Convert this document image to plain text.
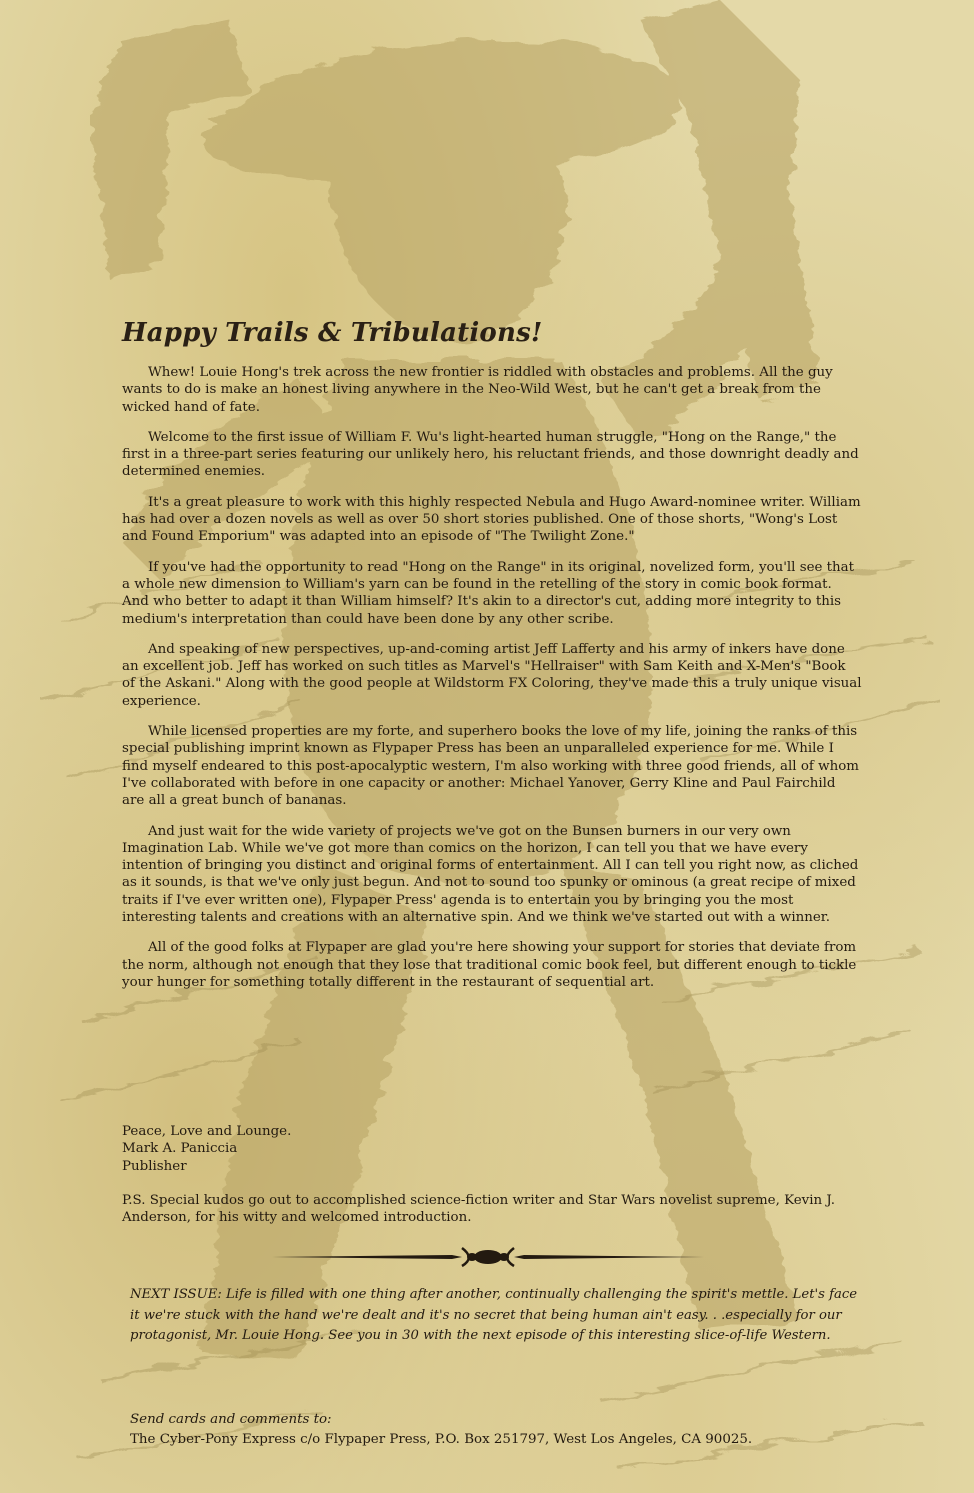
Happy Trails & Tribulations!

Whew! Louie Hong's trek across the new frontier is riddled with obstacles and problems. All the guy wants to do is make an honest living anywhere in the Neo-Wild West, but he can't get a break from the wicked hand of fate.

Welcome to the first issue of William F. Wu's light-hearted human struggle, "Hong on the Range," the first in a three-part series featuring our unlikely hero, his reluctant friends, and those downright deadly and determined enemies.

It's a great pleasure to work with this highly respected Nebula and Hugo Award-nominee writer. William has had over a dozen novels as well as over 50 short stories published. One of those shorts, "Wong's Lost and Found Emporium" was adapted into an episode of "The Twilight Zone."

If you've had the opportunity to read "Hong on the Range" in its original, novelized form, you'll see that a whole new dimension to William's yarn can be found in the retelling of the story in comic book format. And who better to adapt it than William himself? It's akin to a director's cut, adding more integrity to this medium's interpretation than could have been done by any other scribe.

And speaking of new perspectives, up-and-coming artist Jeff Lafferty and his army of inkers have done an excellent job. Jeff has worked on such titles as Marvel's "Hellraiser" with Sam Keith and X-Men's "Book of the Askani." Along with the good people at Wildstorm FX Coloring, they've made this a truly unique visual experience.

While licensed properties are my forte, and superhero books the love of my life, joining the ranks of this special publishing imprint known as Flypaper Press has been an unparalleled experience for me. While I find myself endeared to this post-apocalyptic western, I'm also working with three good friends, all of whom I've collaborated with before in one capacity or another: Michael Yanover, Gerry Kline and Paul Fairchild are all a great bunch of bananas.

And just wait for the wide variety of projects we've got on the Bunsen burners in our very own Imagination Lab. While we've got more than comics on the horizon, I can tell you that we have every intention of bringing you distinct and original forms of entertainment. All I can tell you right now, as cliched as it sounds, is that we've only just begun. And not to sound too spunky or ominous (a great recipe of mixed traits if I've ever written one), Flypaper Press' agenda is to entertain you by bringing you the most interesting talents and creations with an alternative spin. And we think we've started out with a winner.

All of the good folks at Flypaper are glad you're here showing your support for stories that deviate from the norm, although not enough that they lose that traditional comic book feel, but different enough to tickle your hunger for something totally different in the restaurant of sequential art.

Peace, Love and Lounge.
Mark A. Paniccia
Publisher
P.S. Special kudos go out to accomplished science-fiction writer and Star Wars novelist supreme, Kevin J. Anderson, for his witty and welcomed introduction.
NEXT ISSUE: Life is filled with one thing after another, continually challenging the spirit's mettle. Let's face it we're stuck with the hand we're dealt and it's no secret that being human ain't easy. . .especially for our protagonist, Mr. Louie Hong. See you in 30 with the next episode of this interesting slice-of-life Western.
Send cards and comments to:
The Cyber-Pony Express c/o Flypaper Press, P.O. Box 251797, West Los Angeles, CA 90025.
